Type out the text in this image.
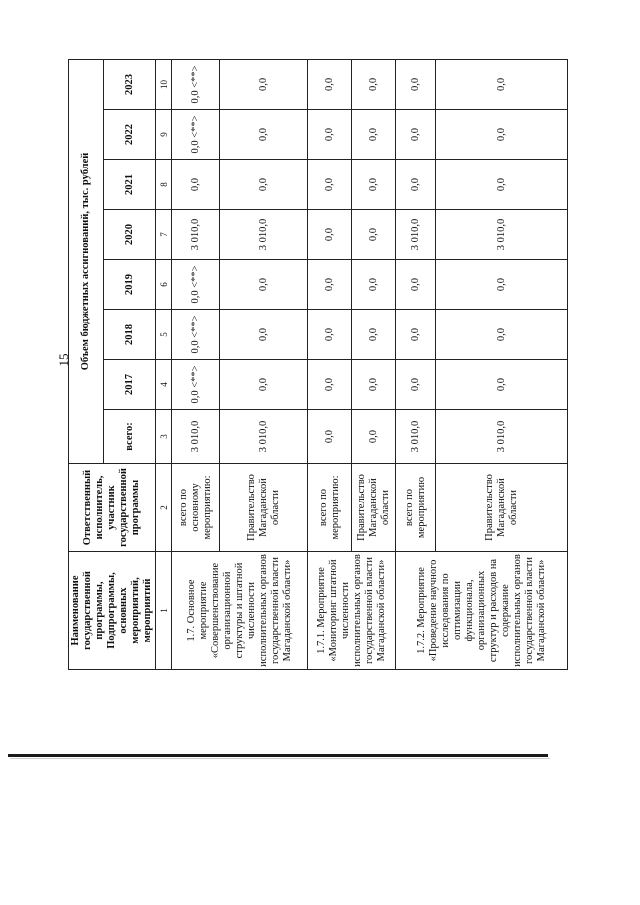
15
Наименование государственной программы, Подпрограммы, основных мероприятий, мероприятий	Ответственный исполнитель, участник государственной программы	Объем бюджетных ассигнований, тыс. рублей							
		всего:	2017	2018	2019	2020	2021	2022	2023
1	2	3	4	5	6	7	8	9	10
1.7. Основное мероприятие «Совершенствование организационной структуры и штатной численности исполнительных органов государственной власти Магаданской области»	всего по основному мероприятию:	3 010,0	0,0 <**>	0,0 <**>	0,0 <**>	3 010,0	0,0	0,0 <**>	0,0 <**>
	Правительство Магаданской области	3 010,0	0,0	0,0	0,0	3 010,0	0,0	0,0	0,0
1.7.1. Мероприятие «Мониторинг штатной численности исполнительных органов государственной власти Магаданской области»	всего по мероприятию:	0,0	0,0	0,0	0,0	0,0	0,0	0,0	0,0
	Правительство Магаданской области	0,0	0,0	0,0	0,0	0,0	0,0	0,0	0,0
1.7.2. Мероприятие «Проведение научного исследования по оптимизации функционала, организационных структур и расходов на содержание исполнительных органов государственной власти Магаданской области»	всего по мероприятию	3 010,0	0,0	0,0	0,0	3 010,0	0,0	0,0	0,0
	Правительство Магаданской области	3 010,0	0,0	0,0	0,0	3 010,0	0,0	0,0	0,0
